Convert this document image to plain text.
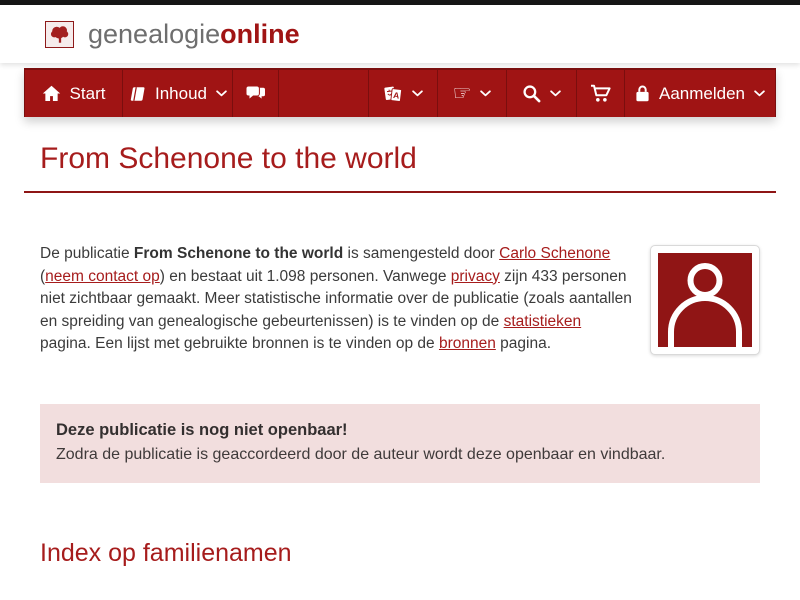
genealogieonline
Start	Inhoud	A	☞	Aanmelden
From Schenone to the world

De publicatie From Schenone to the world is samengesteld door Carlo Schenone (neem contact op) en bestaat uit 1.098 personen. Vanwege privacy zijn 433 personen niet zichtbaar gemaakt. Meer statistische informatie over de publicatie (zoals aantallen en spreiding van genealogische gebeurtenissen) is te vinden op de statistieken pagina. Een lijst met gebruikte bronnen is te vinden op de bronnen pagina.

Deze publicatie is nog niet openbaar!
Zodra de publicatie is geaccordeerd door de auteur wordt deze openbaar en vindbaar.
Index op familienamen
